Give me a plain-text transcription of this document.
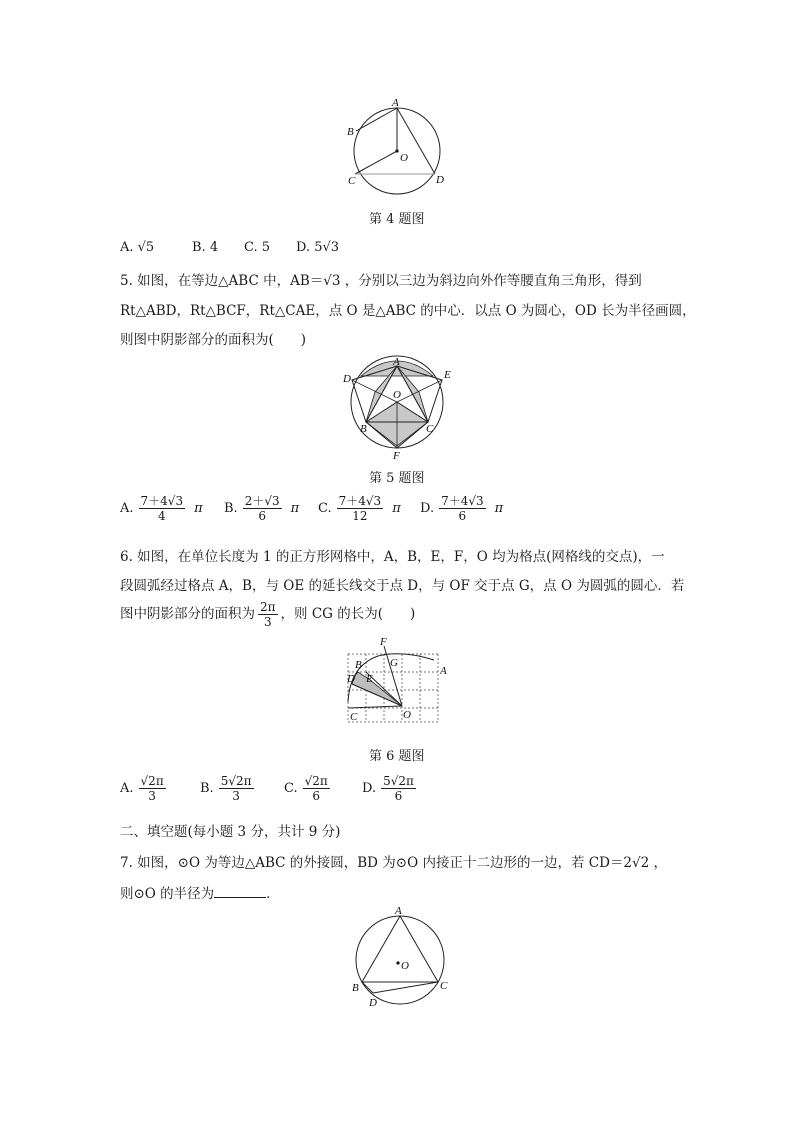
A
B
O
C	D
第 4 题图
A. √5	B. 4 C. 5 D. 5√3
5. 如图，在等边△ABC 中，AB＝√3 ，分别以三边为斜边向外作等腰直角三角形，得到
Rt△ABD，Rt△BCF，Rt△CAE，点 O 是△ABC 的中心．以点 O 为圆心，OD 长为半径画圆，
则图中阴影部分的面积为(　　)
A
D	E
O
B	C
F
第 5 题图
A. $\frac{7+4√3}{4}$ π B. $\frac{2+√3}{6}$ π C. $\frac{7+4√3}{12}$ π D. $\frac{7+4√3}{6}$ π
6. 如图，在单位长度为 1 的正方形网格中，A，B，E，F，O 均为格点(网格线的交点)，一
段圆弧经过格点 A，B，与 OE 的延长线交于点 D，与 OF 交于点 G，点 O 为圆弧的圆心．若
图中阴影部分的面积为 $\frac{2\pi}{3}$ ，则 CG 的长为(　　)
F
B	G
A
D E
O
C
第 6 题图
A. $\frac{√2\pi}{3}$	B. $\frac{5√2\pi}{3} C$. $\frac{√2\pi}{6} D$. $\frac{5√2\pi}{6}$
二、填空题(每小题 3 分，共计 9 分)
7. 如图，⊙O 为等边△ABC 的外接圆，BD 为⊙O 内接正十二边形的一边，若 CD＝2√2 ，
则⊙O 的半径为	．
A
O
B	C
D
